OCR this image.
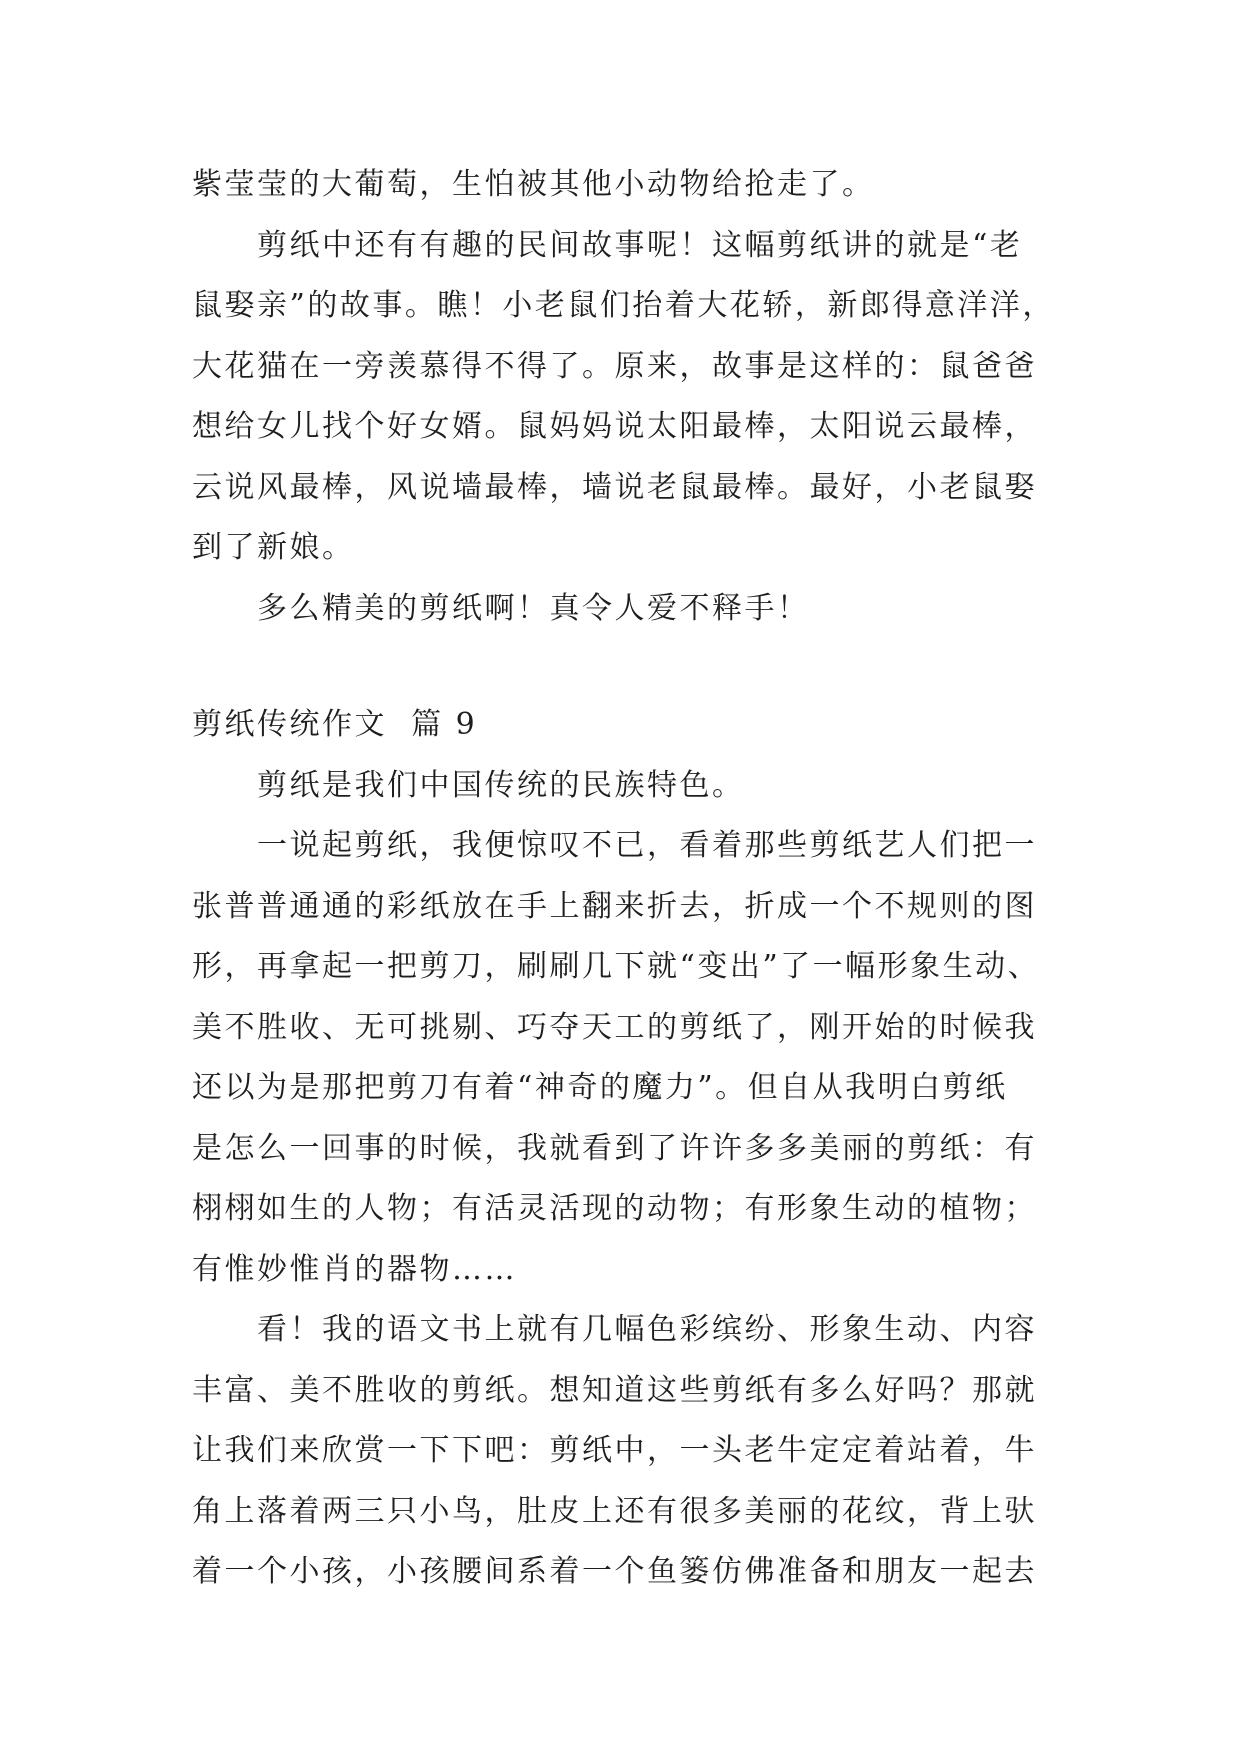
紫莹莹的大葡萄，生怕被其他小动物给抢走了。
剪纸中还有有趣的民间故事呢！这幅剪纸讲的就是“老
鼠娶亲”的故事。瞧！小老鼠们抬着大花轿，新郎得意洋洋，
大花猫在一旁羡慕得不得了。原来，故事是这样的：鼠爸爸
想给女儿找个好女婿。鼠妈妈说太阳最棒，太阳说云最棒，
云说风最棒，风说墙最棒，墙说老鼠最棒。最好，小老鼠娶
到了新娘。
多么精美的剪纸啊！真令人爱不释手！
剪纸传统作文  篇 9
剪纸是我们中国传统的民族特色。
一说起剪纸，我便惊叹不已，看着那些剪纸艺人们把一
张普普通通的彩纸放在手上翻来折去，折成一个不规则的图
形，再拿起一把剪刀，刷刷几下就“变出”了一幅形象生动、
美不胜收、无可挑剔、巧夺天工的剪纸了，刚开始的时候我
还以为是那把剪刀有着“神奇的魔力”。但自从我明白剪纸
是怎么一回事的时候，我就看到了许许多多美丽的剪纸：有
栩栩如生的人物；有活灵活现的动物；有形象生动的植物；
有惟妙惟肖的器物……
看！我的语文书上就有几幅色彩缤纷、形象生动、内容
丰富、美不胜收的剪纸。想知道这些剪纸有多么好吗？那就
让我们来欣赏一下下吧：剪纸中，一头老牛定定着站着，牛
角上落着两三只小鸟，肚皮上还有很多美丽的花纹，背上驮
着一个小孩，小孩腰间系着一个鱼篓仿佛准备和朋友一起去
